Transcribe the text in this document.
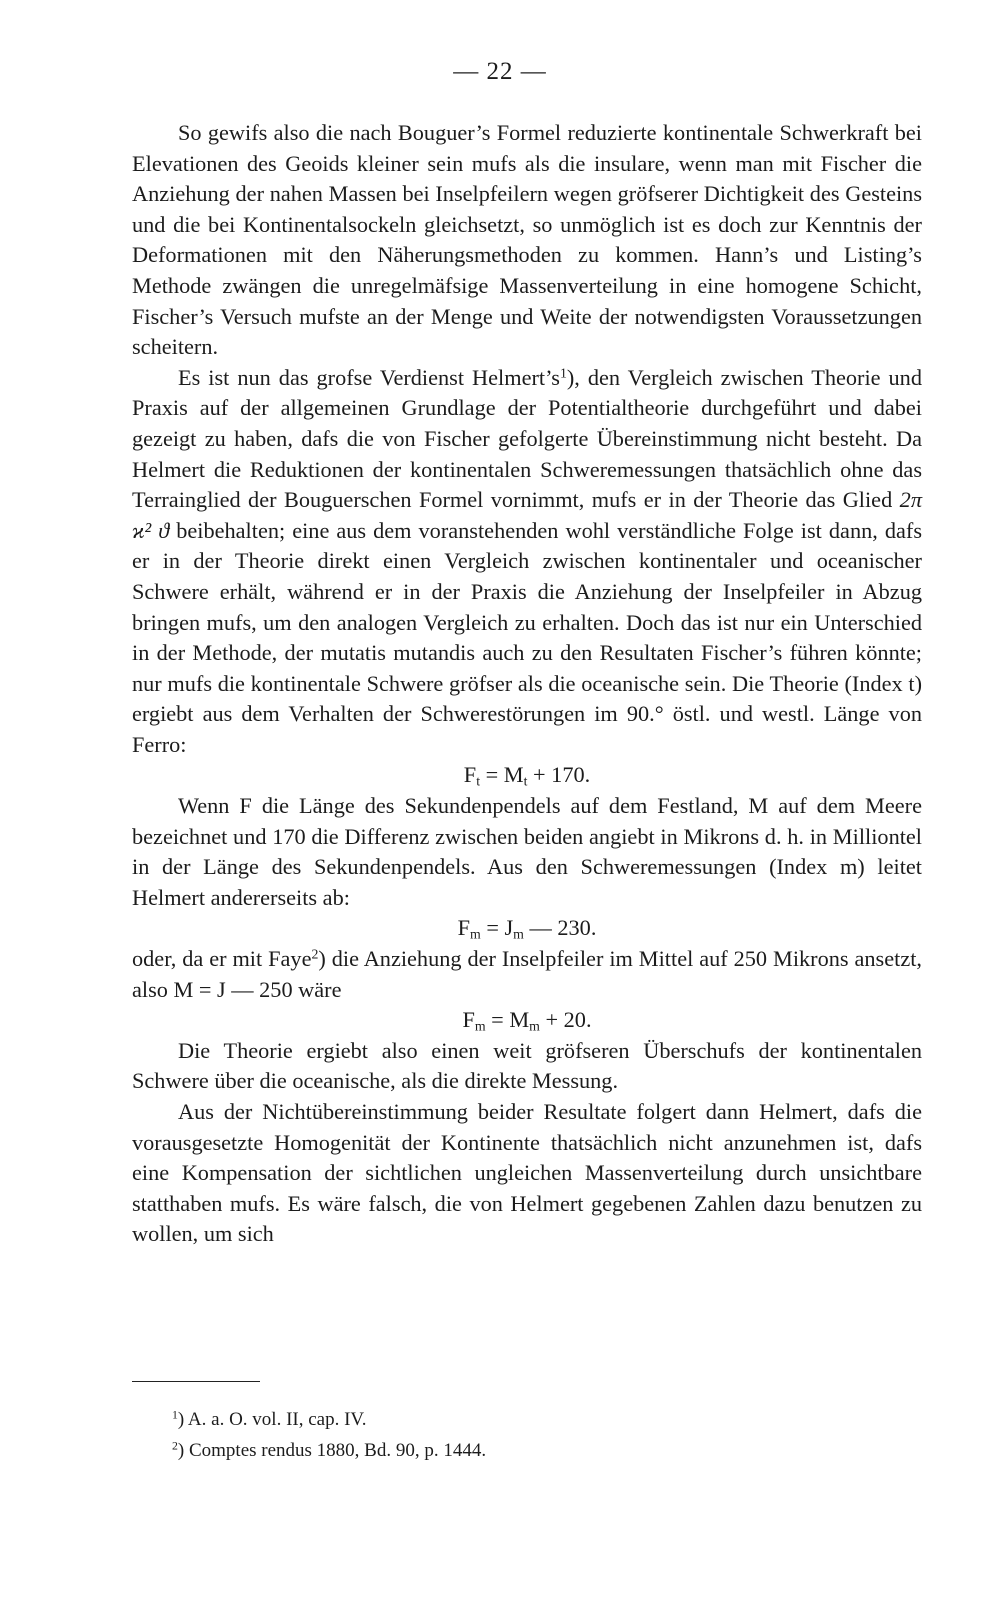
— 22 —

So gewifs also die nach Bouguer’s Formel reduzierte kontinentale Schwerkraft bei Elevationen des Geoids kleiner sein mufs als die insulare, wenn man mit Fischer die Anziehung der nahen Massen bei Inselpfeilern wegen gröfserer Dichtigkeit des Gesteins und die bei Kontinentalsockeln gleichsetzt, so unmöglich ist es doch zur Kenntnis der Deformationen mit den Näherungsmethoden zu kommen. Hann’s und Listing’s Methode zwängen die unregelmäfsige Massenverteilung in eine homogene Schicht, Fischer’s Versuch mufste an der Menge und Weite der notwendigsten Voraussetzungen scheitern.

Es ist nun das grofse Verdienst $Helmert’s^1$), den Vergleich zwischen Theorie und Praxis auf der allgemeinen Grundlage der Potentialtheorie durchgeführt und dabei gezeigt zu haben, dafs die von Fischer gefolgerte Übereinstimmung nicht besteht. Da Helmert die Reduktionen der kontinentalen Schweremessungen thatsächlich ohne das Terrainglied der Bouguerschen Formel vornimmt, mufs er in der Theorie das Glied 2π ϰ² ϑ beibehalten; eine aus dem voranstehenden wohl verständliche Folge ist dann, dafs er in der Theorie direkt einen Vergleich zwischen kontinentaler und oceanischer Schwere erhält, während er in der Praxis die Anziehung der Inselpfeiler in Abzug bringen mufs, um den analogen Vergleich zu erhalten. Doch das ist nur ein Unterschied in der Methode, der mutatis mutandis auch zu den Resultaten Fischer’s führen könnte; nur mufs die kontinentale Schwere gröfser als die oceanische sein. Die Theorie (Index t) ergiebt aus dem Verhalten der Schwerestörungen im 90.° östl. und westl. Länge von Ferro:

$F_t = M_t + 170$.

Wenn F die Länge des Sekundenpendels auf dem Festland, M auf dem Meere bezeichnet und 170 die Differenz zwischen beiden angiebt in Mikrons d. h. in Milliontel in der Länge des Sekundenpendels. Aus den Schweremessungen (Index m) leitet Helmert andererseits ab:

$F_m = J_m$ — 230.

oder, da er mit Faye$^2$) die Anziehung der Inselpfeiler im Mittel auf 250 Mikrons ansetzt, also M = J — 250 wäre

$F_m = M_m + 20$.

Die Theorie ergiebt also einen weit gröfseren Überschufs der kontinentalen Schwere über die oceanische, als die direkte Messung.

Aus der Nichtübereinstimmung beider Resultate folgert dann Helmert, dafs die vorausgesetzte Homogenität der Kontinente thatsächlich nicht anzunehmen ist, dafs eine Kompensation der sichtlichen ungleichen Massenverteilung durch unsichtbare statthaben mufs. Es wäre falsch, die von Helmert gegebenen Zahlen dazu benutzen zu wollen, um sich

$^1$) A. a. O. vol. II, cap. IV.
$^2$) Comptes rendus 1880, Bd. 90, p. 1444.
